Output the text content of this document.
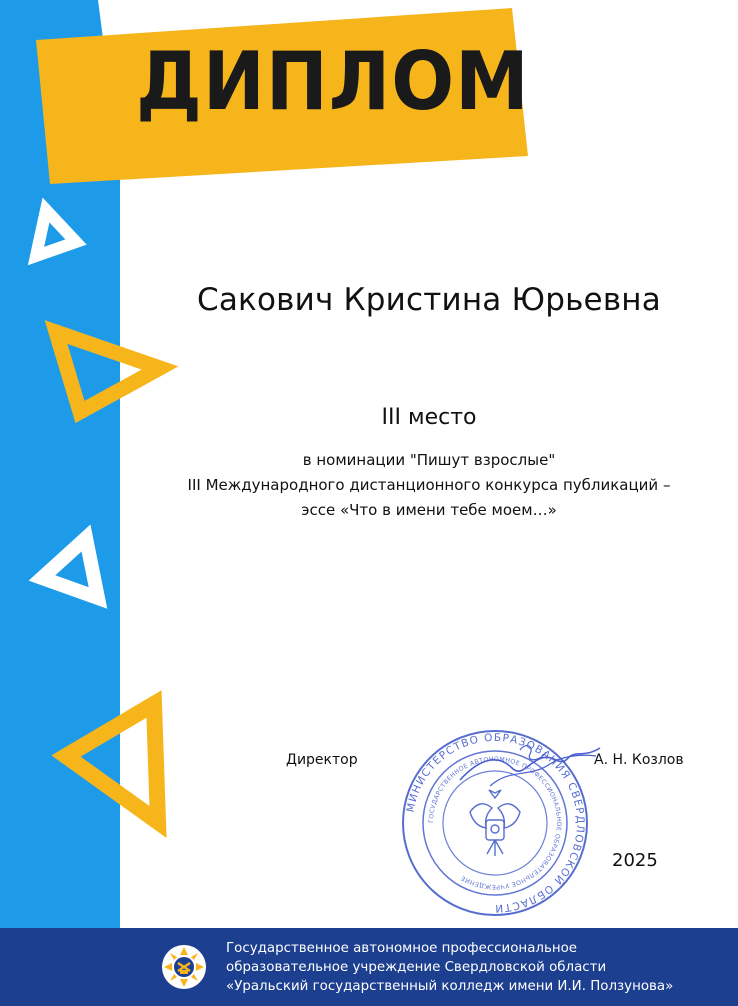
ДИПЛОМ
Сакович Кристина Юрьевна
III место
в номинации "Пишут взрослые"
III Международного дистанционного конкурса публикаций –
эссе «Что в имени тебе моем…»
Директор	А. Н. Козлов
МИНИСТЕРСТВО ОБРАЗОВАНИЯ СВЕРДЛОВСКОЙ ОБЛАСТИ
ГОСУДАРСТВЕННОЕ АВТОНОМНОЕ ПРОФЕССИОНАЛЬНОЕ ОБРАЗОВАТЕЛЬНОЕ УЧРЕЖДЕНИЕ
2025
Государственное автономное профессиональное
образовательное учреждение Свердловской области
«Уральский государственный колледж имени И.И. Ползунова»
